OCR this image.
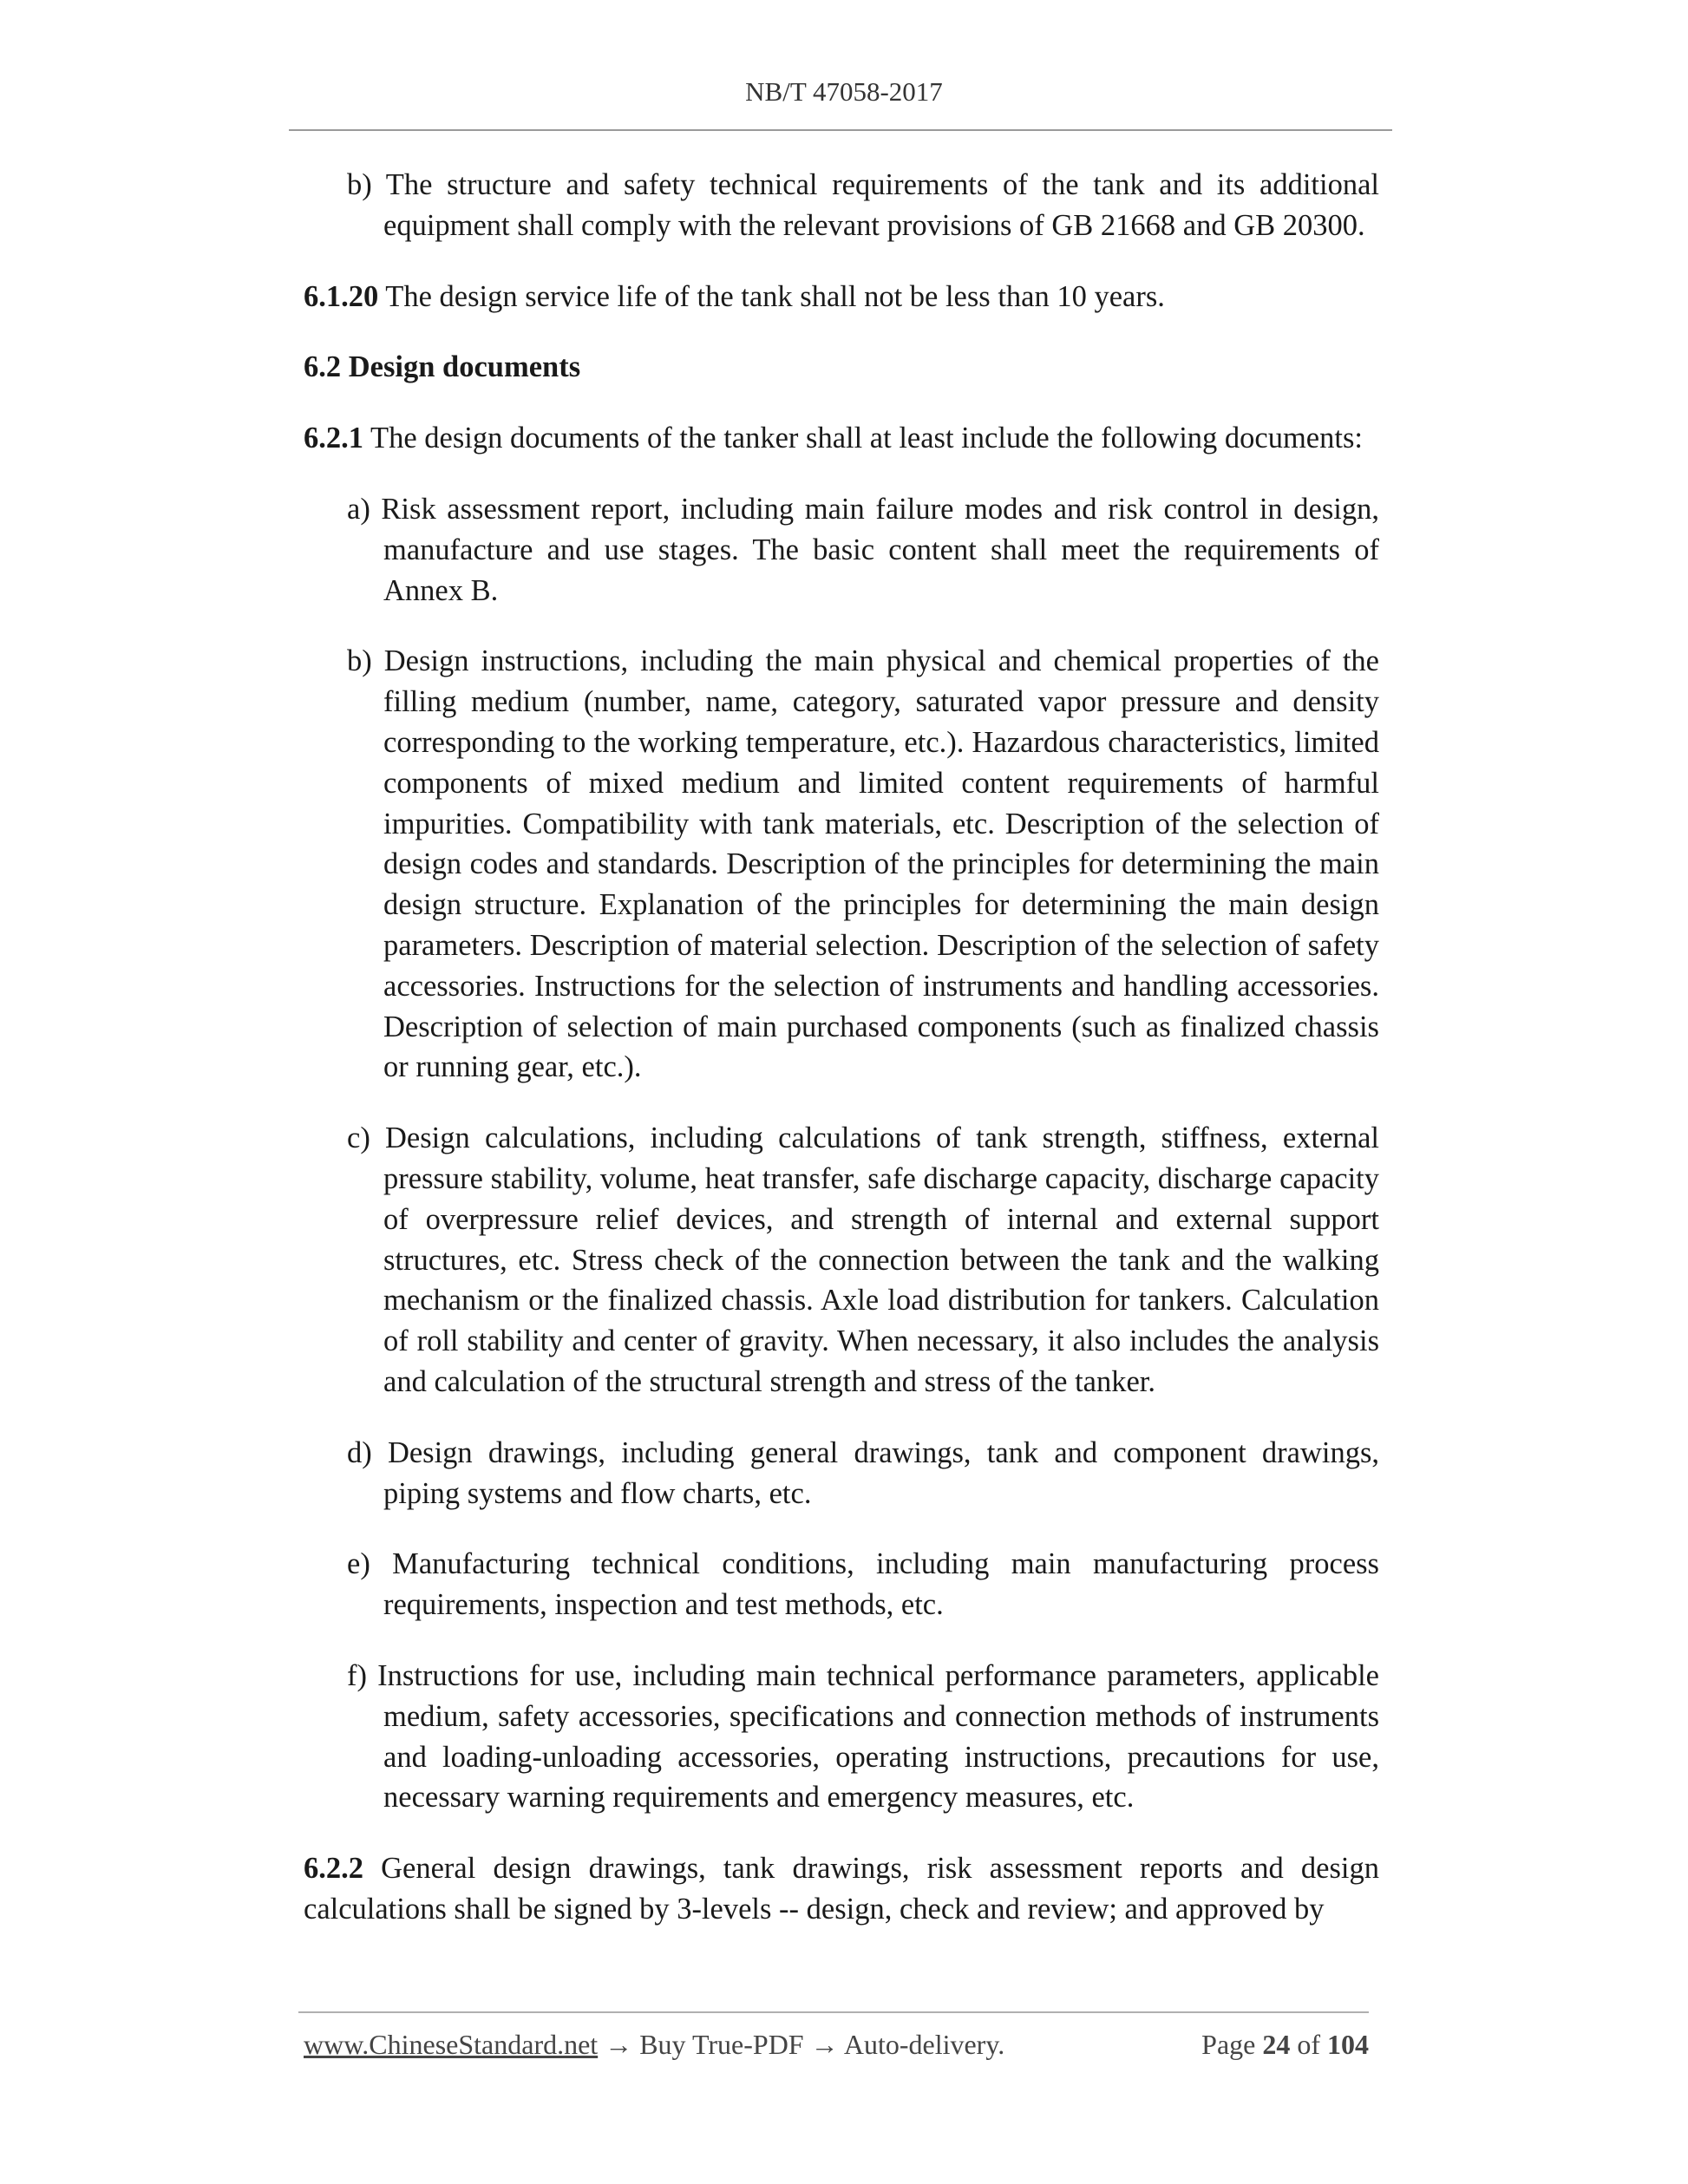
NB/T 47058-2017

b) The structure and safety technical requirements of the tank and its additional equipment shall comply with the relevant provisions of GB 21668 and GB 20300.

6.1.20 The design service life of the tank shall not be less than 10 years.

6.2 Design documents

6.2.1 The design documents of the tanker shall at least include the following documents:

a) Risk assessment report, including main failure modes and risk control in design, manufacture and use stages. The basic content shall meet the requirements of Annex B.

b) Design instructions, including the main physical and chemical properties of the filling medium (number, name, category, saturated vapor pressure and density corresponding to the working temperature, etc.). Hazardous characteristics, limited components of mixed medium and limited content requirements of harmful impurities. Compatibility with tank materials, etc. Description of the selection of design codes and standards. Description of the principles for determining the main design structure. Explanation of the principles for determining the main design parameters. Description of material selection. Description of the selection of safety accessories. Instructions for the selection of instruments and handling accessories. Description of selection of main purchased components (such as finalized chassis or running gear, etc.).

c) Design calculations, including calculations of tank strength, stiffness, external pressure stability, volume, heat transfer, safe discharge capacity, discharge capacity of overpressure relief devices, and strength of internal and external support structures, etc. Stress check of the connection between the tank and the walking mechanism or the finalized chassis. Axle load distribution for tankers. Calculation of roll stability and center of gravity. When necessary, it also includes the analysis and calculation of the structural strength and stress of the tanker.

d) Design drawings, including general drawings, tank and component drawings, piping systems and flow charts, etc.

e) Manufacturing technical conditions, including main manufacturing process requirements, inspection and test methods, etc.

f) Instructions for use, including main technical performance parameters, applicable medium, safety accessories, specifications and connection methods of instruments and loading-unloading accessories, operating instructions, precautions for use, necessary warning requirements and emergency measures, etc.

6.2.2 General design drawings, tank drawings, risk assessment reports and design calculations shall be signed by 3-levels -- design, check and review; and approved by

www.ChineseStandard.net → Buy True-PDF → Auto-delivery.	Page 24 of 104
